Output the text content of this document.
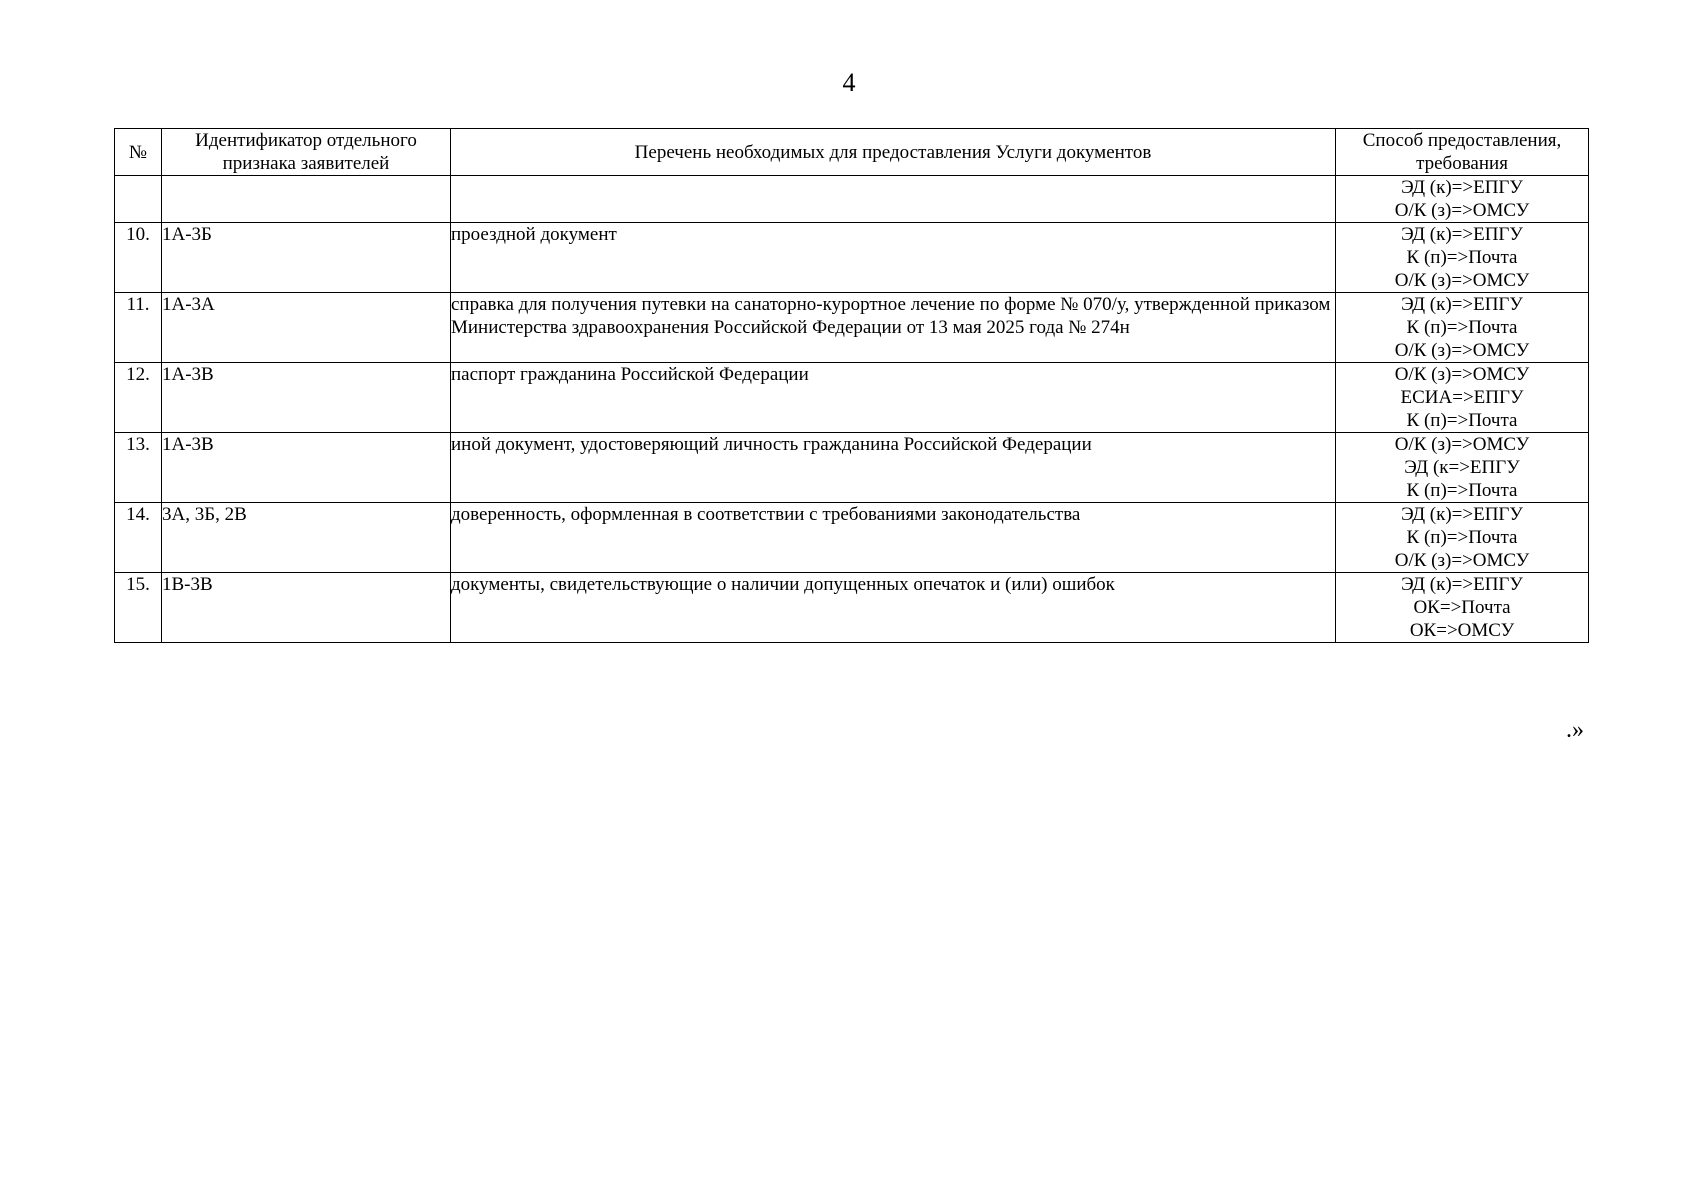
4
№	Идентификатор отдельного признака заявителей	Перечень необходимых для предоставления Услуги документов	Способ предоставления, требования

			ЭД (к)=>ЕПГУ
О/К (з)=>ОМСУ

10.	1А-3Б	проездной документ	ЭД (к)=>ЕПГУ
К (п)=>Почта
О/К (з)=>ОМСУ

11.	1А-3А	справка для получения путевки на санаторно-курортное лечение по форме № 070/у, утвержденной приказом Министерства здравоохранения Российской Федерации от 13 мая 2025 года № 274н	ЭД (к)=>ЕПГУ
К (п)=>Почта
О/К (з)=>ОМСУ

12.	1А-3В	паспорт гражданина Российской Федерации	О/К (з)=>ОМСУ
ЕСИА=>ЕПГУ
К (п)=>Почта

13.	1А-3В	иной документ, удостоверяющий личность гражданина Российской Федерации	О/К (з)=>ОМСУ
ЭД (к=>ЕПГУ
К (п)=>Почта

14.	3А, 3Б, 2В	доверенность, оформленная в соответствии с требованиями законодательства	ЭД (к)=>ЕПГУ
К (п)=>Почта
О/К (з)=>ОМСУ

15.	1В-3В	документы, свидетельствующие о наличии допущенных опечаток и (или) ошибок	ЭД (к)=>ЕПГУ
ОК=>Почта
ОК=>ОМСУ
.»
